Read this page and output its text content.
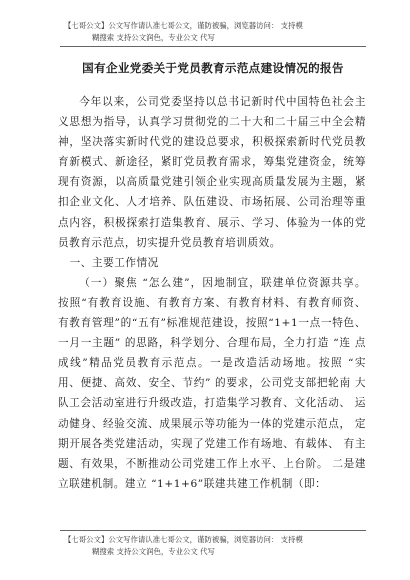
【七哥公文】公文写作请认准七哥公文，谨防被骗，浏览器访问： 支持模
糊搜索 支持公文润色，专业公文 代写
国有企业党委关于党员教育示范点建设情况的报告

今年以来，公司党委坚持以总书记新时代中国特色社会主义思想为指导，认真学习贯彻党的二十大和二十届三中全会精神，坚决落实新时代党的建设总要求，积极探索新时代党员教育新模式、新途径，紧盯党员教育需求，筹集党建资金，统筹现有资源，以高质量党建引领企业实现高质量发展为主题，紧扣企业文化、人才培养、队伍建设、市场拓展、公司治理等重点内容，积极探索打造集教育、展示、学习、体验为一体的党员教育示范点，切实提升党员教育培训质效。

一、主要工作情况

（一）聚焦 “怎么建”，因地制宜，联建单位资源共享。 按照“有教育设施、有教育方案、有教育材料、有教育师资、 有教育管理”的“五有”标准规范建设，按照“1+1一点一特色、 一月一主题” 的思路，科学划分、合理布局，全力打造 “连 点成线”精品党员教育示范点。一是改造活动场地。按照 “实 用、便捷、高效、安全、节约” 的要求，公司党支部把轮南 大队工会活动室进行升级改造，打造集学习教育、文化活动、 运动健身、经验交流、成果展示等功能为一体的党建示范点， 定期开展各类党建活动，实现了党建工作有场地、有载体、 有主题、有效果，不断推动公司党建工作上水平、上台阶。 二是建立联建机制。建立 “1+1+6”联建共建工作机制（即：

【七哥公文】公文写作请认准七哥公文，谨防被骗，浏览器访问： 支持模
糊搜索 支持公文润色，专业公文 代写
